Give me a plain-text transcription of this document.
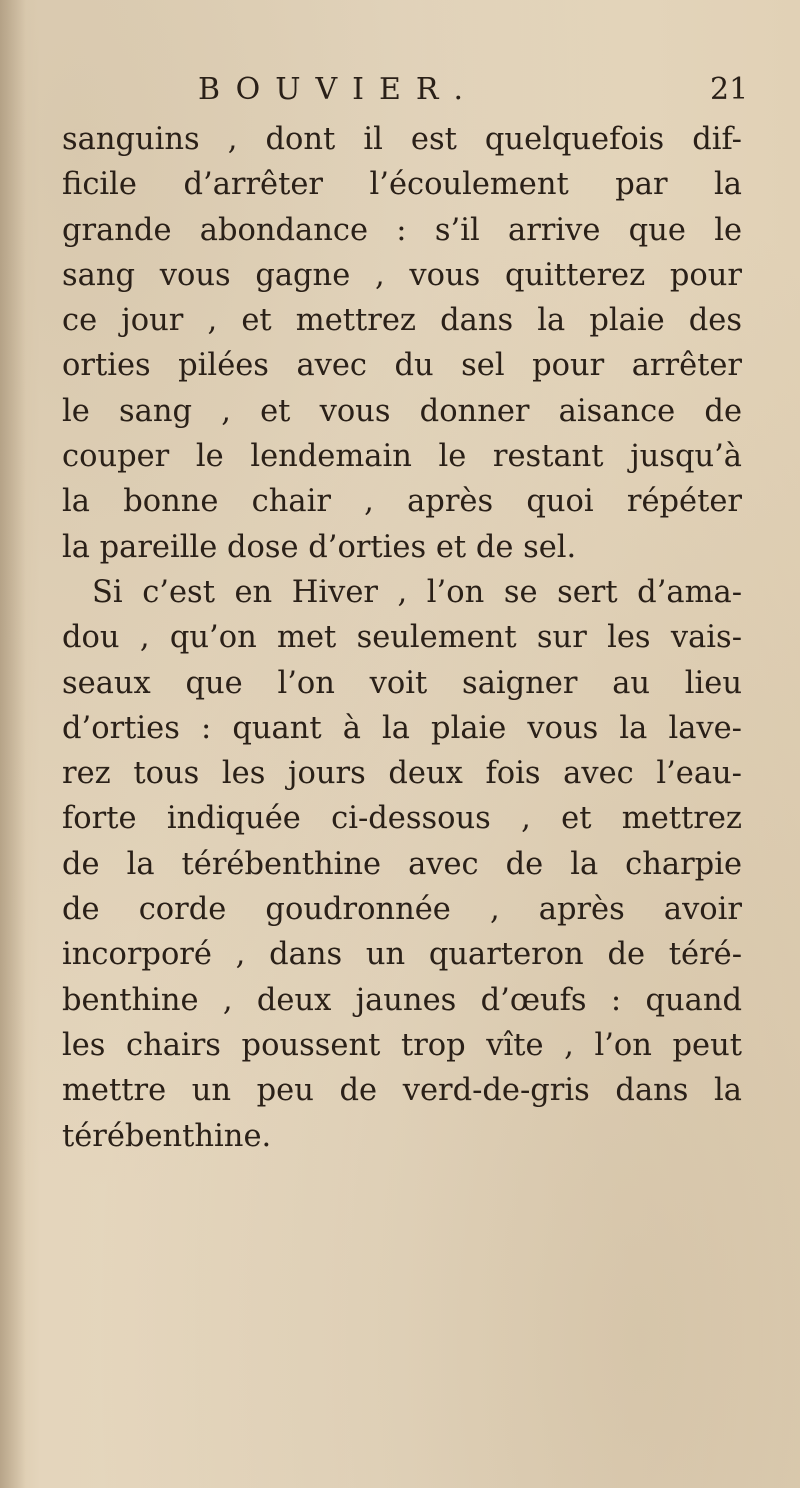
BOUVIER.	21
sanguins , dont il est quelquefois dif-
ficile d’arrêter l’écoulement par la
grande abondance : s’il arrive que le
sang vous gagne , vous quitterez pour
ce jour , et mettrez dans la plaie des
orties pilées avec du sel pour arrêter
le sang , et vous donner aisance de
couper le lendemain le restant jusqu’à
la bonne chair , après quoi répéter
la pareille dose d’orties et de sel.
Si c’est en Hiver , l’on se sert d’ama-
dou , qu’on met seulement sur les vais-
seaux que l’on voit saigner au lieu
d’orties : quant à la plaie vous la lave-
rez tous les jours deux fois avec l’eau-
forte indiquée ci-dessous , et mettrez
de la térébenthine avec de la charpie
de corde goudronnée , après avoir
incorporé , dans un quarteron de téré-
benthine , deux jaunes d’œufs : quand
les chairs poussent trop vîte , l’on peut
mettre un peu de verd-de-gris dans la
térébenthine.
